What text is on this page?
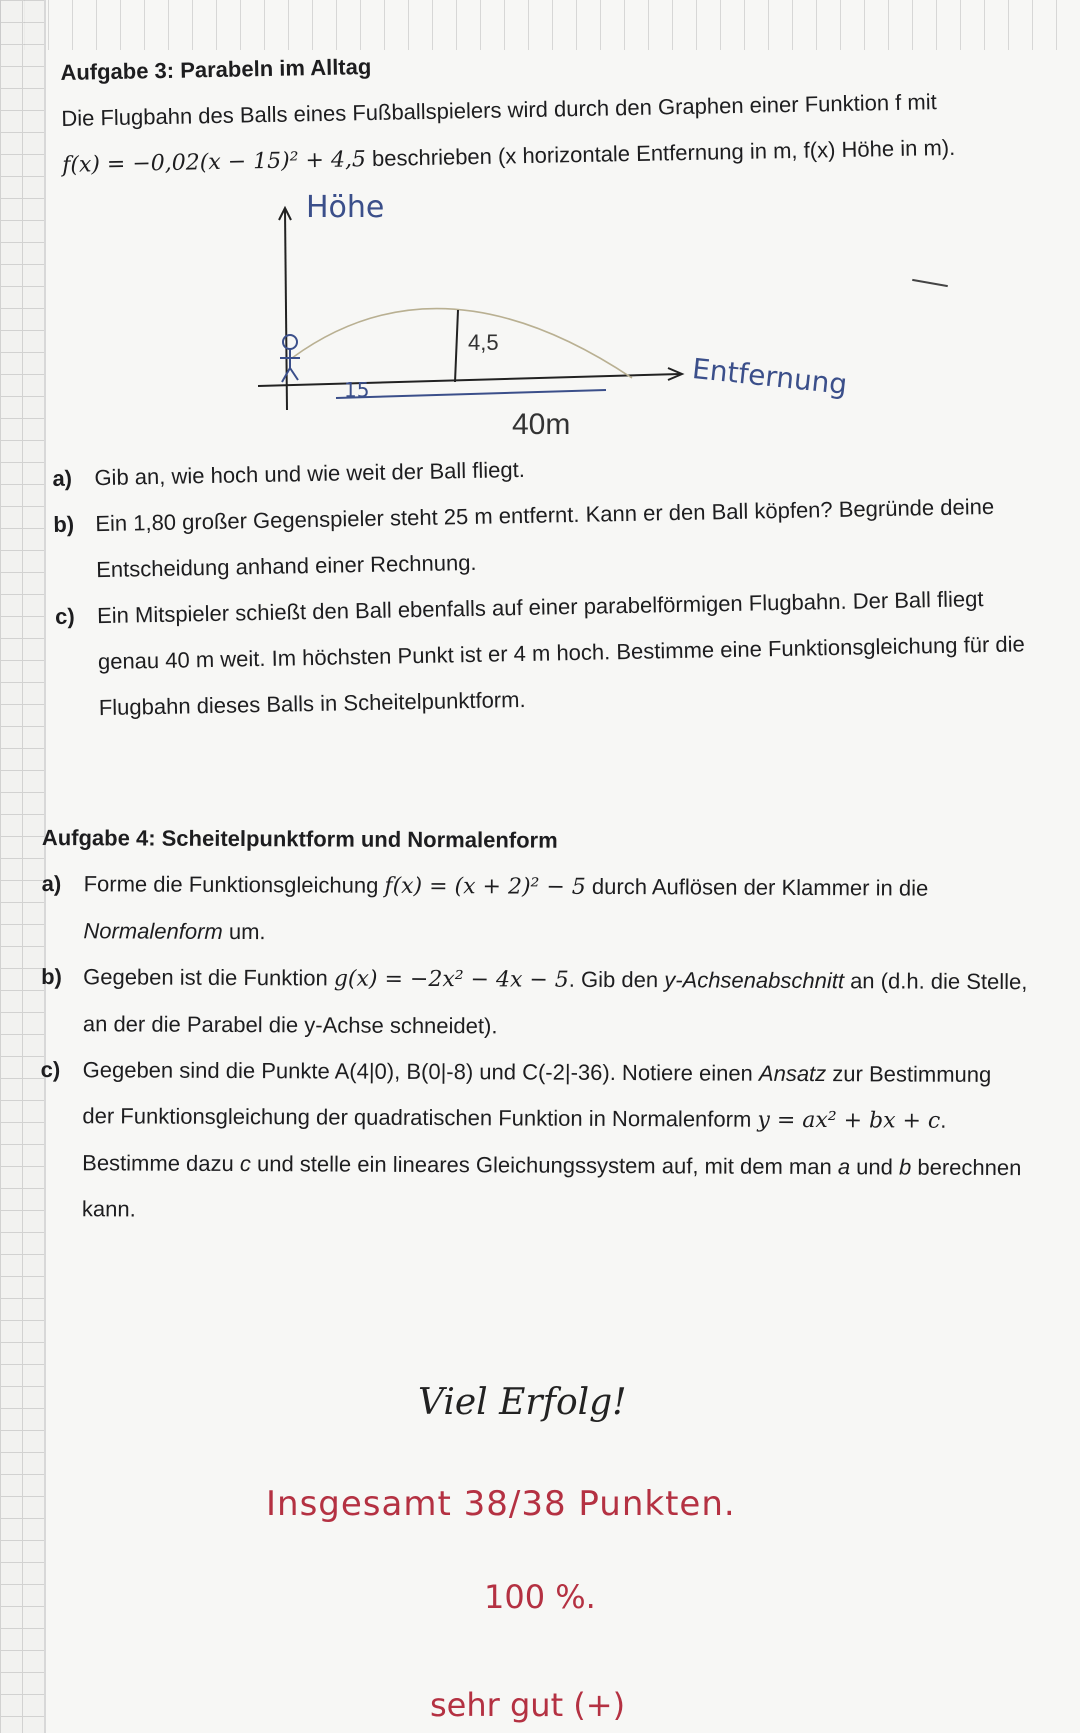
Aufgabe 3: Parabeln im Alltag
Die Flugbahn des Balls eines Fußballspielers wird durch den Graphen einer Funktion f mit
f(x) = −0,02(x − 15)² + 4,5 beschrieben (x horizontale Entfernung in m, f(x) Höhe in m).
Höhe
Entfernung
4,5
15
40m
a) Gib an, wie hoch und wie weit der Ball fliegt.
b) Ein 1,80 großer Gegenspieler steht 25 m entfernt. Kann er den Ball köpfen? Begründe deine
Entscheidung anhand einer Rechnung.
c) Ein Mitspieler schießt den Ball ebenfalls auf einer parabelförmigen Flugbahn. Der Ball fliegt
genau 40 m weit. Im höchsten Punkt ist er 4 m hoch. Bestimme eine Funktionsgleichung für die
Flugbahn dieses Balls in Scheitelpunktform.
Aufgabe 4: Scheitelpunktform und Normalenform
a) Forme die Funktionsgleichung f(x) = (x + 2)² − 5 durch Auflösen der Klammer in die
Normalenform um.
b) Gegeben ist die Funktion g(x) = −2x² − 4x − 5. Gib den y-Achsenabschnitt an (d.h. die Stelle,
an der die Parabel die y-Achse schneidet).
c) Gegeben sind die Punkte A(4|0), B(0|-8) und C(-2|-36). Notiere einen Ansatz zur Bestimmung
der Funktionsgleichung der quadratischen Funktion in Normalenform y = ax² + bx + c.
Bestimme dazu c und stelle ein lineares Gleichungssystem auf, mit dem man a und b berechnen
kann.
Viel Erfolg!
Insgesamt 38/38 Punkten.
100 %.
sehr gut (+)
